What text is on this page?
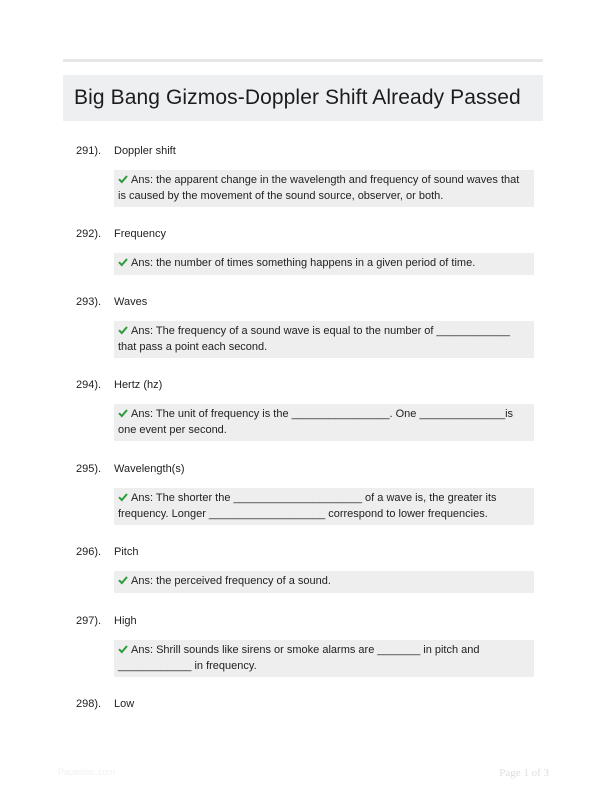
Big Bang Gizmos-Doppler Shift Already Passed
291). Doppler shift
Ans: the apparent change in the wavelength and frequency of sound waves that is caused by the movement of the sound source, observer, or both.
292). Frequency
Ans: the number of times something happens in a given period of time.
293). Waves
Ans: The frequency of a sound wave is equal to the number of ____________ that pass a point each second.
294). Hertz (hz)
Ans: The unit of frequency is the ________________. One ______________is one event per second.
295). Wavelength(s)
Ans: The shorter the _____________________ of a wave is, the greater its frequency. Longer ___________________ correspond to lower frequencies.
296). Pitch
Ans: the perceived frequency of a sound.
297). High
Ans: Shrill sounds like sirens or smoke alarms are _______ in pitch and ____________ in frequency.
298). Low
Paperblic.com	Page 1 of 3
